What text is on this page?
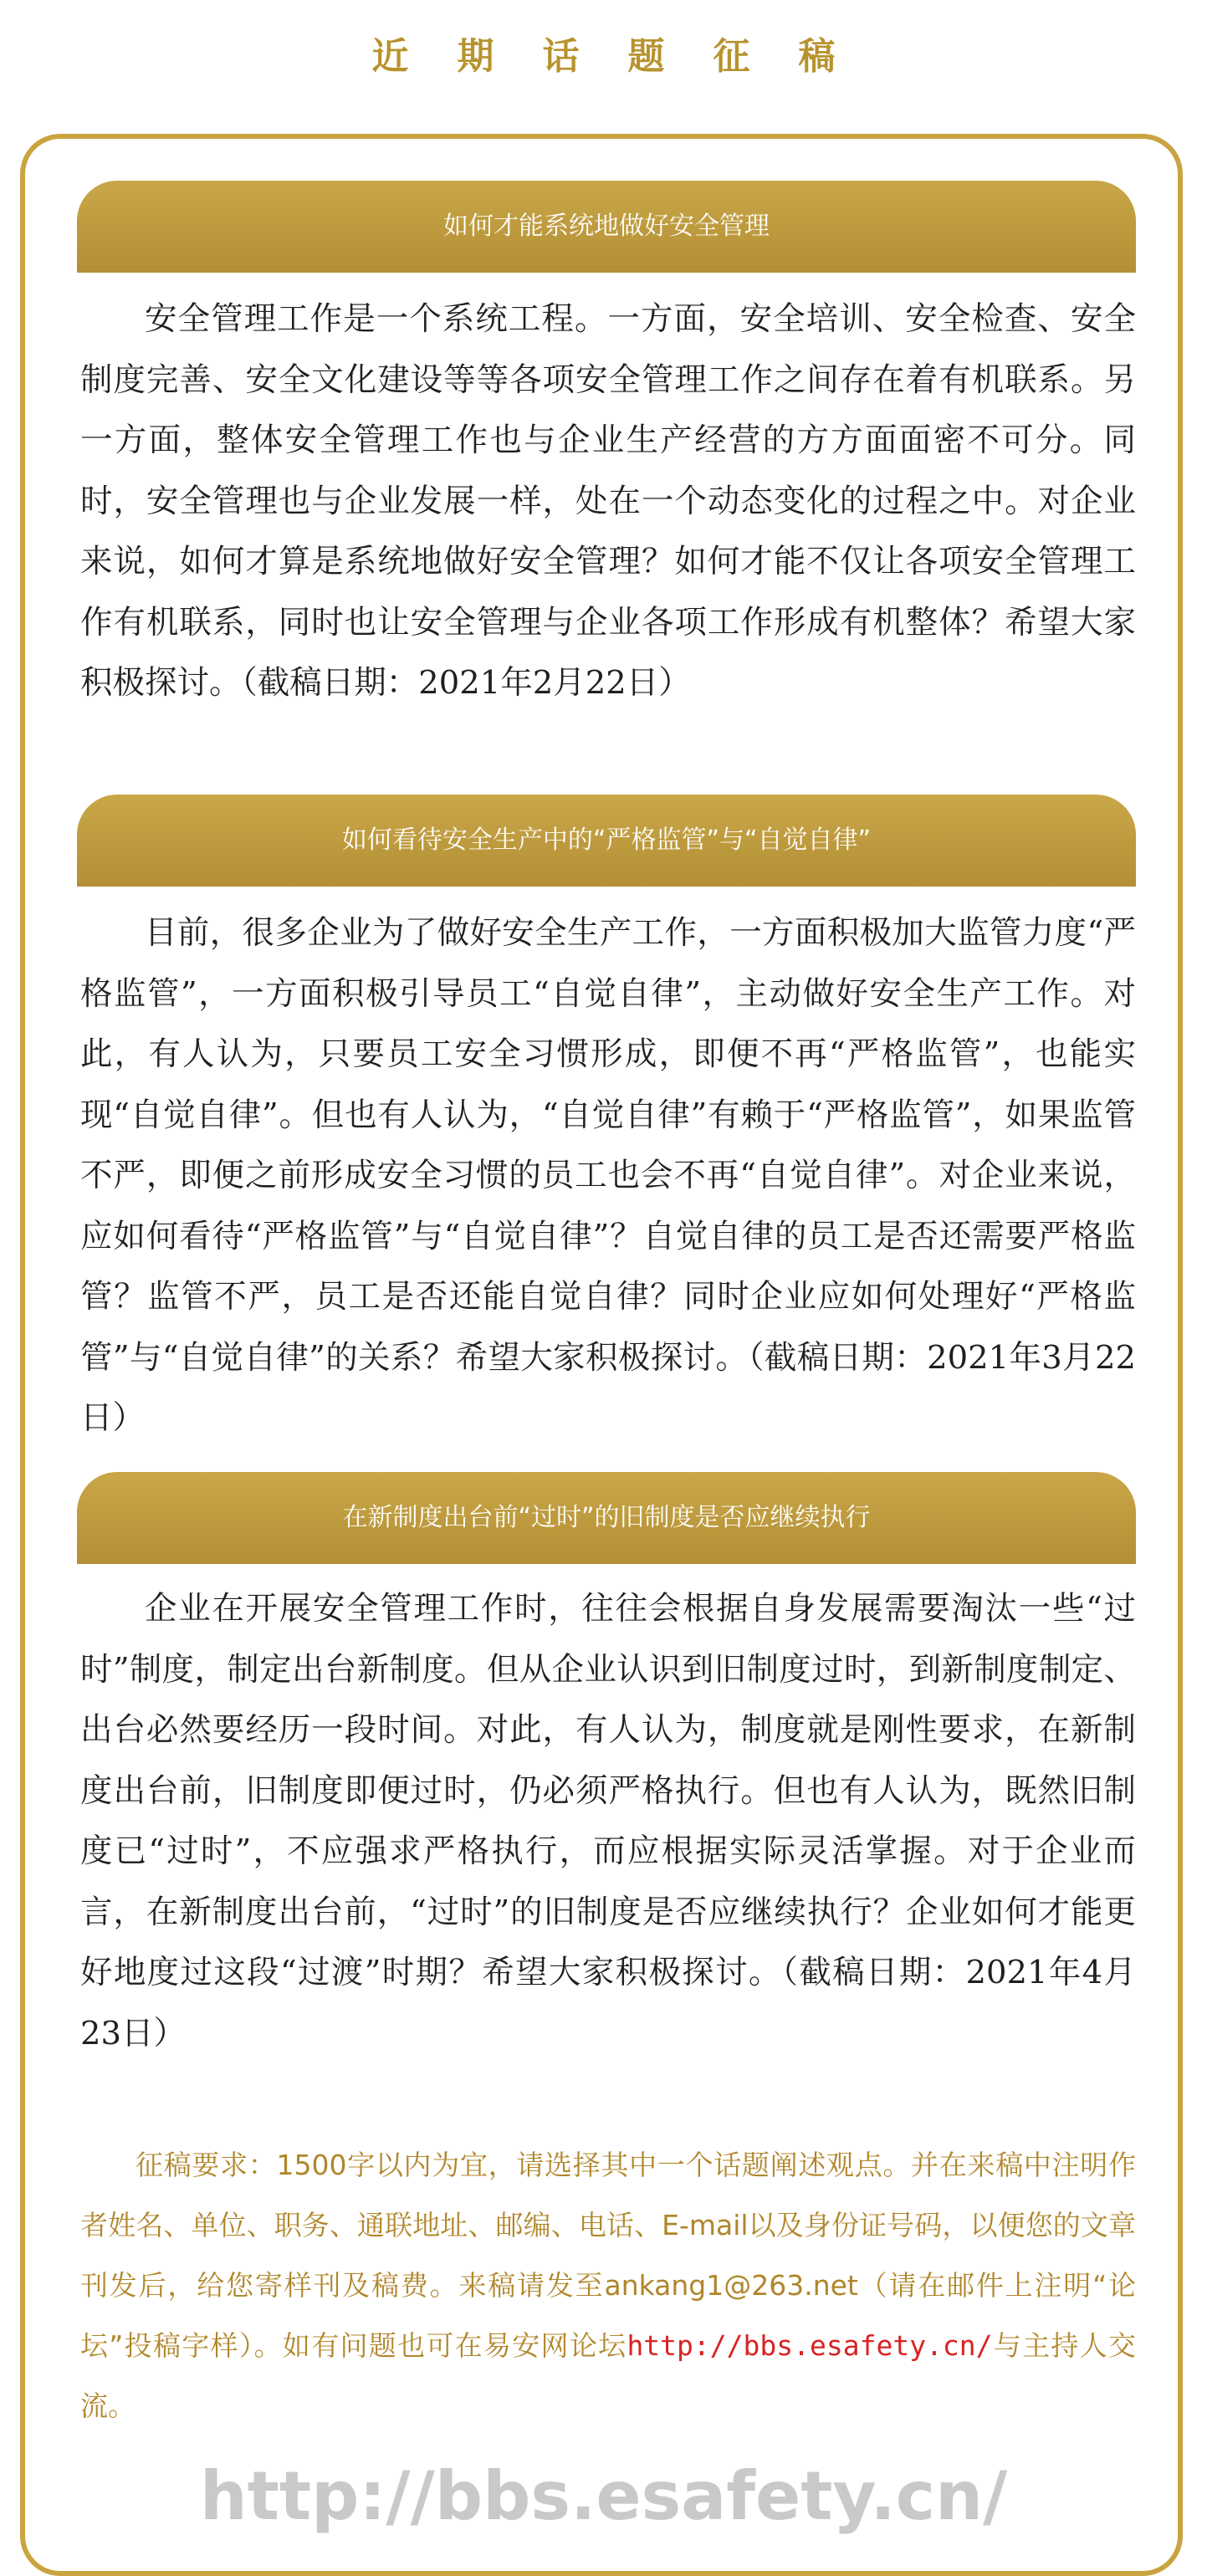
近期话题征稿
如何才能系统地做好安全管理

安全管理工作是一个系统工程。一方面，安全培训、安全检查、安全制度完善、安全文化建设等等各项安全管理工作之间存在着有机联系。另一方面，整体安全管理工作也与企业生产经营的方方面面密不可分。同时，安全管理也与企业发展一样，处在一个动态变化的过程之中。对企业来说，如何才算是系统地做好安全管理？如何才能不仅让各项安全管理工作有机联系，同时也让安全管理与企业各项工作形成有机整体？希望大家积极探讨。（截稿日期：2021年2月22日）

如何看待安全生产中的“严格监管”与“自觉自律”

目前，很多企业为了做好安全生产工作，一方面积极加大监管力度“严格监管”，一方面积极引导员工“自觉自律”，主动做好安全生产工作。对此，有人认为，只要员工安全习惯形成，即便不再“严格监管”，也能实现“自觉自律”。但也有人认为，“自觉自律”有赖于“严格监管”，如果监管不严，即便之前形成安全习惯的员工也会不再“自觉自律”。对企业来说，应如何看待“严格监管”与“自觉自律”？自觉自律的员工是否还需要严格监管？监管不严，员工是否还能自觉自律？同时企业应如何处理好“严格监管”与“自觉自律”的关系？希望大家积极探讨。（截稿日期：2021年3月22日）

在新制度出台前“过时”的旧制度是否应继续执行

企业在开展安全管理工作时，往往会根据自身发展需要淘汰一些“过时”制度，制定出台新制度。但从企业认识到旧制度过时，到新制度制定、出台必然要经历一段时间。对此，有人认为，制度就是刚性要求，在新制度出台前，旧制度即便过时，仍必须严格执行。但也有人认为，既然旧制度已“过时”，不应强求严格执行，而应根据实际灵活掌握。对于企业而言，在新制度出台前，“过时”的旧制度是否应继续执行？企业如何才能更好地度过这段“过渡”时期？希望大家积极探讨。（截稿日期：2021年4月23日）

征稿要求：1500字以内为宜，请选择其中一个话题阐述观点。并在来稿中注明作者姓名、单位、职务、通联地址、邮编、电话、E-mail以及身份证号码，以便您的文章刊发后，给您寄样刊及稿费。来稿请发至ankang1@263.net（请在邮件上注明“论坛”投稿字样）。如有问题也可在易安网论坛http://bbs.esafety.cn/与主持人交流。

http://bbs.esafety.cn/
